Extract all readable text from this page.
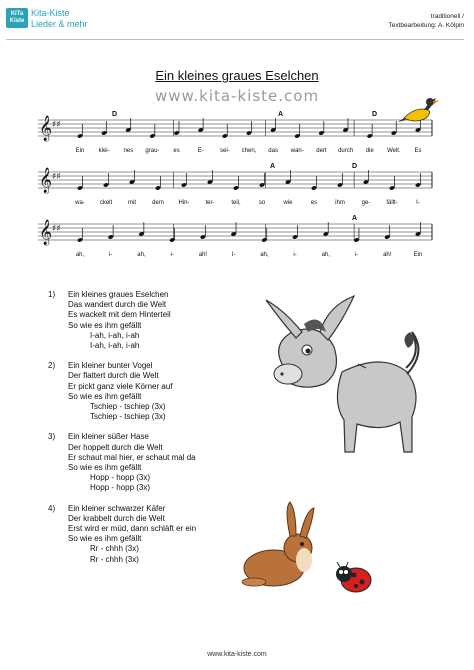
KiTa Kiste
Kita-Kiste
Lieder & mehr
traditionell /
Textbearbeitung: A. Kölpin
Ein kleines graues Eselchen
www.kita-kiste.com
𝄞 ♯♯
D	A	D
Ein klei- nes grau- es	E-	sel- chen, das wan- dert durch die Welt. Es
𝄞 ♯♯
A	D
wa- ckelt	mit	dem Hin-	ter-	teil,	so	wie	es	ihm	ge-	fällt-	I-
𝄞 ♯♯
A
ah,	i-	ah,	i-	ah!	I-	ah,	i-	ah,	i-	ah!	Ein
1) Ein kleines graues Eselchen
Das wandert durch die Welt
Es wackelt mit dem Hinterteil
So wie es ihm gefällt
I-ah, i-ah, i-ah
I-ah, i-ah, i-ah
2) Ein kleiner bunter Vogel
Der flattert durch die Welt
Er pickt ganz viele Körner auf
So wie es ihm gefällt
Tschiep - tschiep (3x)
Tschiep - tschiep (3x)
3) Ein kleiner süßer Hase
Der hoppelt durch die Welt
Er schaut mal hier, er schaut mal da
So wie es ihm gefällt
Hopp - hopp (3x)
Hopp - hopp (3x)
4) Ein kleiner schwarzer Käfer
Der krabbelt durch die Welt
Erst wird er müd, dann schläft er ein
So wie es ihm gefällt
Rr - chhh (3x)
Rr - chhh (3x)
www.kita-kiste.com
